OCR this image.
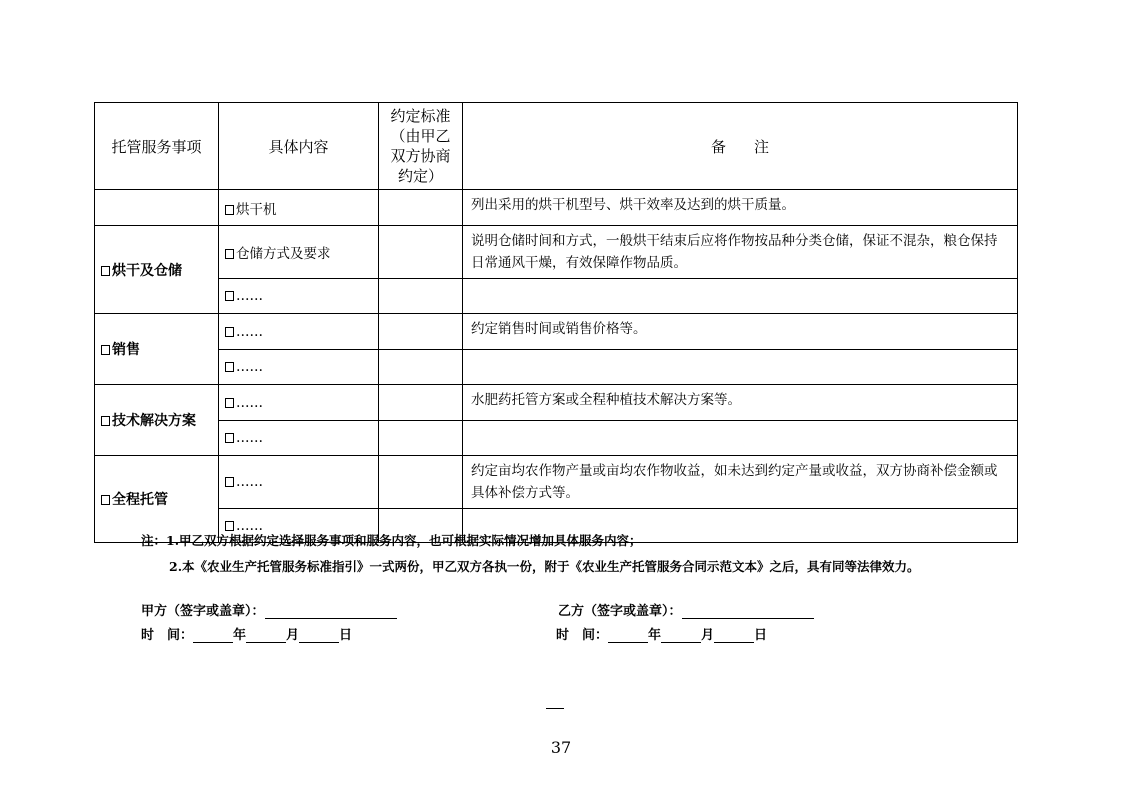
托管服务事项	具体内容	约定标准
（由甲乙
双方协商
约定）	备注
	烘干机		列出采用的烘干机型号、烘干效率及达到的烘干质量。
烘干及仓储	仓储方式及要求		说明仓储时间和方式，一般烘干结束后应将作物按品种分类仓储，保证不混杂，粮仓保持日常通风干燥，有效保障作物品质。
	……		
销售	……		约定销售时间或销售价格等。
	……		
技术解决方案	……		水肥药托管方案或全程种植技术解决方案等。
	……		
全程托管	……		约定亩均农作物产量或亩均农作物收益，如未达到约定产量或收益，双方协商补偿金额或具体补偿方式等。
	……		
注：1.甲乙双方根据约定选择服务事项和服务内容，也可根据实际情况增加具体服务内容；
2.本《农业生产托管服务标准指引》一式两份，甲乙双方各执一份，附于《农业生产托管服务合同示范文本》之后，具有同等法律效力。
甲方（签字或盖章）：
时　间：	年	月	日
乙方（签字或盖章）：
时　间：	年	月	日
37
